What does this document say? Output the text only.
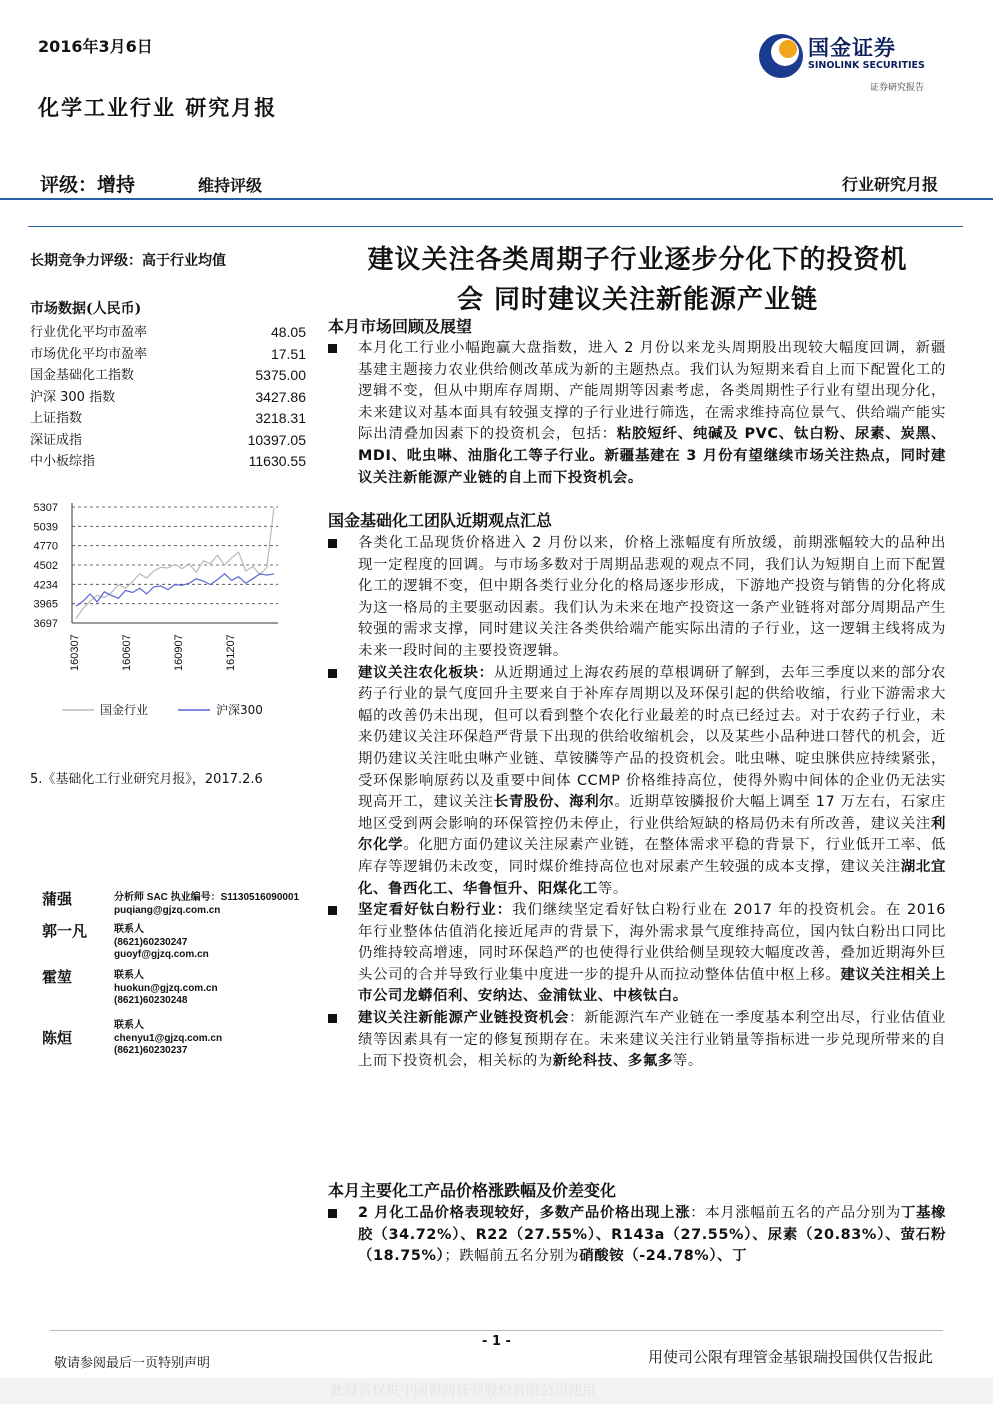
2016年3月6日
化学工业行业 研究月报
国金证券
SINOLINK SECURITIES
证券研究报告
评级：增持	维持评级	行业研究月报
长期竞争力评级：高于行业均值
市场数据(人民币)
行业优化平均市盈率	48.05
市场优化平均市盈率	17.51
国金基础化工指数	5375.00
沪深 300 指数	3427.86
上证指数	3218.31
深证成指	10397.05
中小板综指	11630.55
5307
5039
4770
4502
4234
3965
3697
160307	160607	160907	161207
国金行业	沪深300
5.《基础化工行业研究月报》，2017.2.6
蒲强	分析师 SAC 执业编号：S1130516090001
puqiang@gjzq.com.cn
郭一凡	联系人
(8621)60230247
guoyf@gjzq.com.cn
霍堃	联系人
huokun@gjzq.com.cn
(8621)60230248
陈烜
联系人
chenyu1@gjzq.com.cn
(8621)60230237
建议关注各类周期子行业逐步分化下的投资机
会 同时建议关注新能源产业链
本月市场回顾及展望
本月化工行业小幅跑赢大盘指数，进入 2 月份以来龙头周期股出现较大幅度回调，新疆基建主题接力农业供给侧改革成为新的主题热点。我们认为短期来看自上而下配置化工的逻辑不变，但从中期库存周期、产能周期等因素考虑，各类周期性子行业有望出现分化，未来建议对基本面具有较强支撑的子行业进行筛选，在需求维持高位景气、供给端产能实际出清叠加因素下的投资机会，包括：粘胶短纤、纯碱及 PVC、钛白粉、尿素、炭黑、MDI、吡虫啉、油脂化工等子行业。新疆基建在 3 月份有望继续市场关注热点，同时建议关注新能源产业链的自上而下投资机会。
国金基础化工团队近期观点汇总
各类化工品现货价格进入 2 月份以来，价格上涨幅度有所放缓，前期涨幅较大的品种出现一定程度的回调。与市场多数对于周期品悲观的观点不同，我们认为短期自上而下配置化工的逻辑不变，但中期各类行业分化的格局逐步形成，下游地产投资与销售的分化将成为这一格局的主要驱动因素。我们认为未来在地产投资这一条产业链将对部分周期品产生较强的需求支撑，同时建议关注各类供给端产能实际出清的子行业，这一逻辑主线将成为未来一段时间的主要投资逻辑。
建议关注农化板块：从近期通过上海农药展的草根调研了解到，去年三季度以来的部分农药子行业的景气度回升主要来自于补库存周期以及环保引起的供给收缩，行业下游需求大幅的改善仍未出现，但可以看到整个农化行业最差的时点已经过去。对于农药子行业，未来仍建议关注环保趋严背景下出现的供给收缩机会，以及某些小品种进口替代的机会，近期仍建议关注吡虫啉产业链、草铵膦等产品的投资机会。吡虫啉、啶虫脒供应持续紧张，受环保影响原药以及重要中间体 CCMP 价格维持高位，使得外购中间体的企业仍无法实现高开工，建议关注长青股份、海利尔。近期草铵膦报价大幅上调至 17 万左右，石家庄地区受到两会影响的环保管控仍未停止，行业供给短缺的格局仍未有所改善，建议关注利尔化学。化肥方面仍建议关注尿素产业链，在整体需求平稳的背景下，行业低开工率、低库存等逻辑仍未改变，同时煤价维持高位也对尿素产生较强的成本支撑，建议关注湖北宜化、鲁西化工、华鲁恒升、阳煤化工等。
坚定看好钛白粉行业：我们继续坚定看好钛白粉行业在 2017 年的投资机会。在 2016 年行业整体估值消化接近尾声的背景下，海外需求景气度维持高位，国内钛白粉出口同比仍维持较高增速，同时环保趋严的也使得行业供给侧呈现较大幅度改善，叠加近期海外巨头公司的合并导致行业集中度进一步的提升从而拉动整体估值中枢上移。建议关注相关上市公司龙蟒佰利、安纳达、金浦钛业、中核钛白。
建议关注新能源产业链投资机会：新能源汽车产业链在一季度基本利空出尽，行业估值业绩等因素具有一定的修复预期存在。未来建议关注行业销量等指标进一步兑现所带来的自上而下投资机会，相关标的为新纶科技、多氟多等。
本月主要化工产品价格涨跌幅及价差变化
2 月化工品价格表现较好，多数产品价格出现上涨：本月涨幅前五名的产品分别为丁基橡胶（34.72%）、R22（27.55%）、R143a（27.55%）、尿素（20.83%）、萤石粉（18.75%）；跌幅前五名分别为硝酸铵（-24.78%）、丁
- 1 -
敬请参阅最后一页特别声明	用使司公限有理管金基银瑞投国供仅告报此
此报告仅供中国银河证券股份有限公司使用
